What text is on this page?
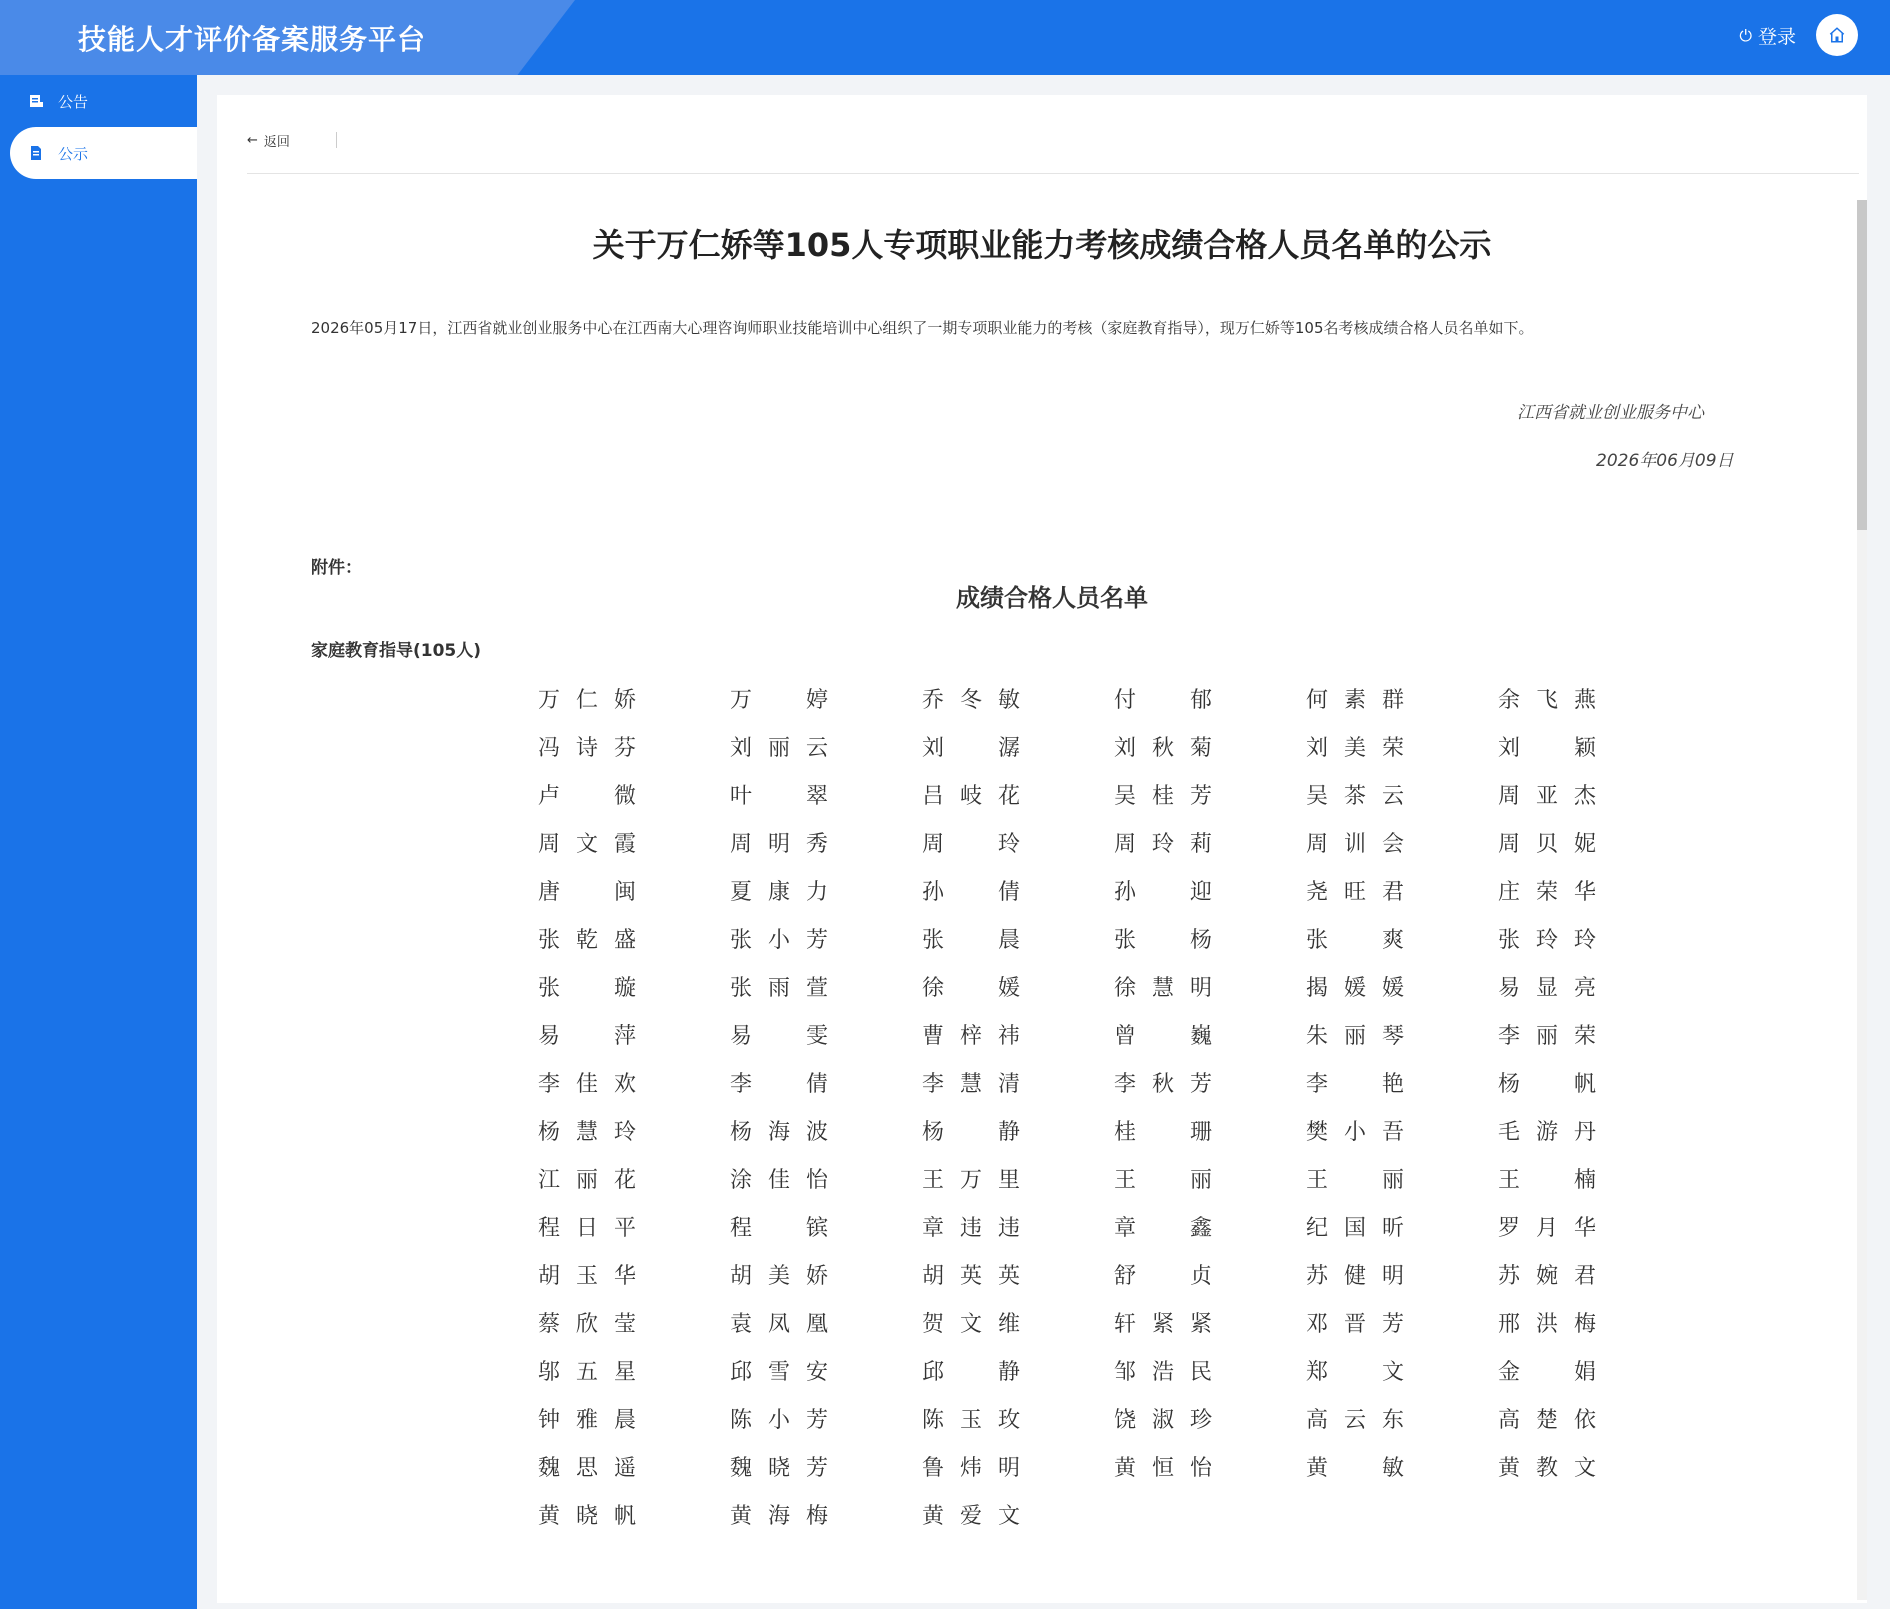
技能人才评价备案服务平台	⏻ 登录
公告
公示
← 返回
关于万仁娇等105人专项职业能力考核成绩合格人员名单的公示
2026年05月17日，江西省就业创业服务中心在江西南大心理咨询师职业技能培训中心组织了一期专项职业能力的考核（家庭教育指导），现万仁娇等105名考核成绩合格人员名单如下。
江西省就业创业服务中心
2026年06月09日
附件：
成绩合格人员名单
家庭教育指导(105人)
万 仁 娇	万 婷	乔 冬 敏	付 郁	何 素 群	余 飞 燕
冯 诗 芬	刘 丽 云	刘 潺	刘 秋 菊	刘 美 荣	刘 颖
卢 微	叶 翠	吕 岐 花	吴 桂 芳	吴 茶 云	周 亚 杰
周 文 霞	周 明 秀	周 玲	周 玲 莉	周 训 会	周 贝 妮
唐 闽	夏 康 力	孙 倩	孙 迎	尧 旺 君	庄 荣 华
张 乾 盛	张 小 芳	张 晨	张 杨	张 爽	张 玲 玲
张 璇	张 雨 萱	徐 媛	徐 慧 明	揭 媛 媛	易 显 亮
易 萍	易 雯	曹 梓 祎	曾 巍	朱 丽 琴	李 丽 荣
李 佳 欢	李 倩	李 慧 清	李 秋 芳	李 艳	杨 帆
杨 慧 玲	杨 海 波	杨 静	桂 珊	樊 小 吾	毛 游 丹
江 丽 花	涂 佳 怡	王 万 里	王 丽	王 丽	王 楠
程 日 平	程 镔	章 违 违	章 鑫	纪 国 昕	罗 月 华
胡 玉 华	胡 美 娇	胡 英 英	舒 贞	苏 健 明	苏 婉 君
蔡 欣 莹	袁 凤 凰	贺 文 维	轩 紧 紧	邓 晋 芳	邢 洪 梅
邬 五 星	邱 雪 安	邱 静	邹 浩 民	郑 文	金 娟
钟 雅 晨	陈 小 芳	陈 玉 玫	饶 淑 珍	高 云 东	高 楚 依
魏 思 遥	魏 晓 芳	鲁 炜 明	黄 恒 怡	黄 敏	黄 教 文
黄 晓 帆	黄 海 梅	黄 爱 文
